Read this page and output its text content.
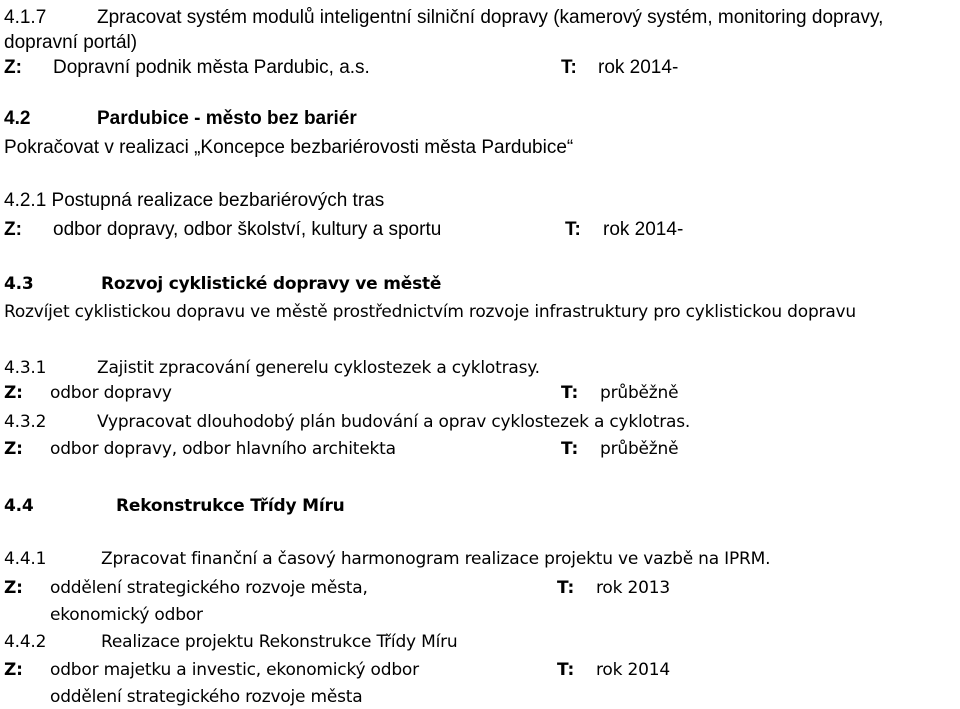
4.1.7	Zpracovat systém modulů inteligentní silniční dopravy (kamerový systém, monitoring dopravy,
dopravní portál)
Z: Dopravní podnik města Pardubic, a.s.	T: rok 2014-
4.2	Pardubice - město bez bariér
Pokračovat v realizaci „Koncepce bezbariérovosti města Pardubice“
4.2.1 Postupná realizace bezbariérových tras
Z: odbor dopravy, odbor školství, kultury a sportu	T: rok 2014-
4.3	Rozvoj cyklistické dopravy ve městě
Rozvíjet cyklistickou dopravu ve městě prostřednictvím rozvoje infrastruktury pro cyklistickou dopravu
4.3.1	Zajistit zpracování generelu cyklostezek a cyklotrasy.
Z: odbor dopravy	T: průběžně
4.3.2	Vypracovat dlouhodobý plán budování a oprav cyklostezek a cyklotras.
Z: odbor dopravy, odbor hlavního architekta	T: průběžně
4.4	Rekonstrukce Třídy Míru
4.4.1	Zpracovat finanční a časový harmonogram realizace projektu ve vazbě na IPRM.
Z: oddělení strategického rozvoje města,	T: rok 2013
ekonomický odbor
4.4.2	Realizace projektu Rekonstrukce Třídy Míru
Z: odbor majetku a investic, ekonomický odbor	T: rok 2014
oddělení strategického rozvoje města
